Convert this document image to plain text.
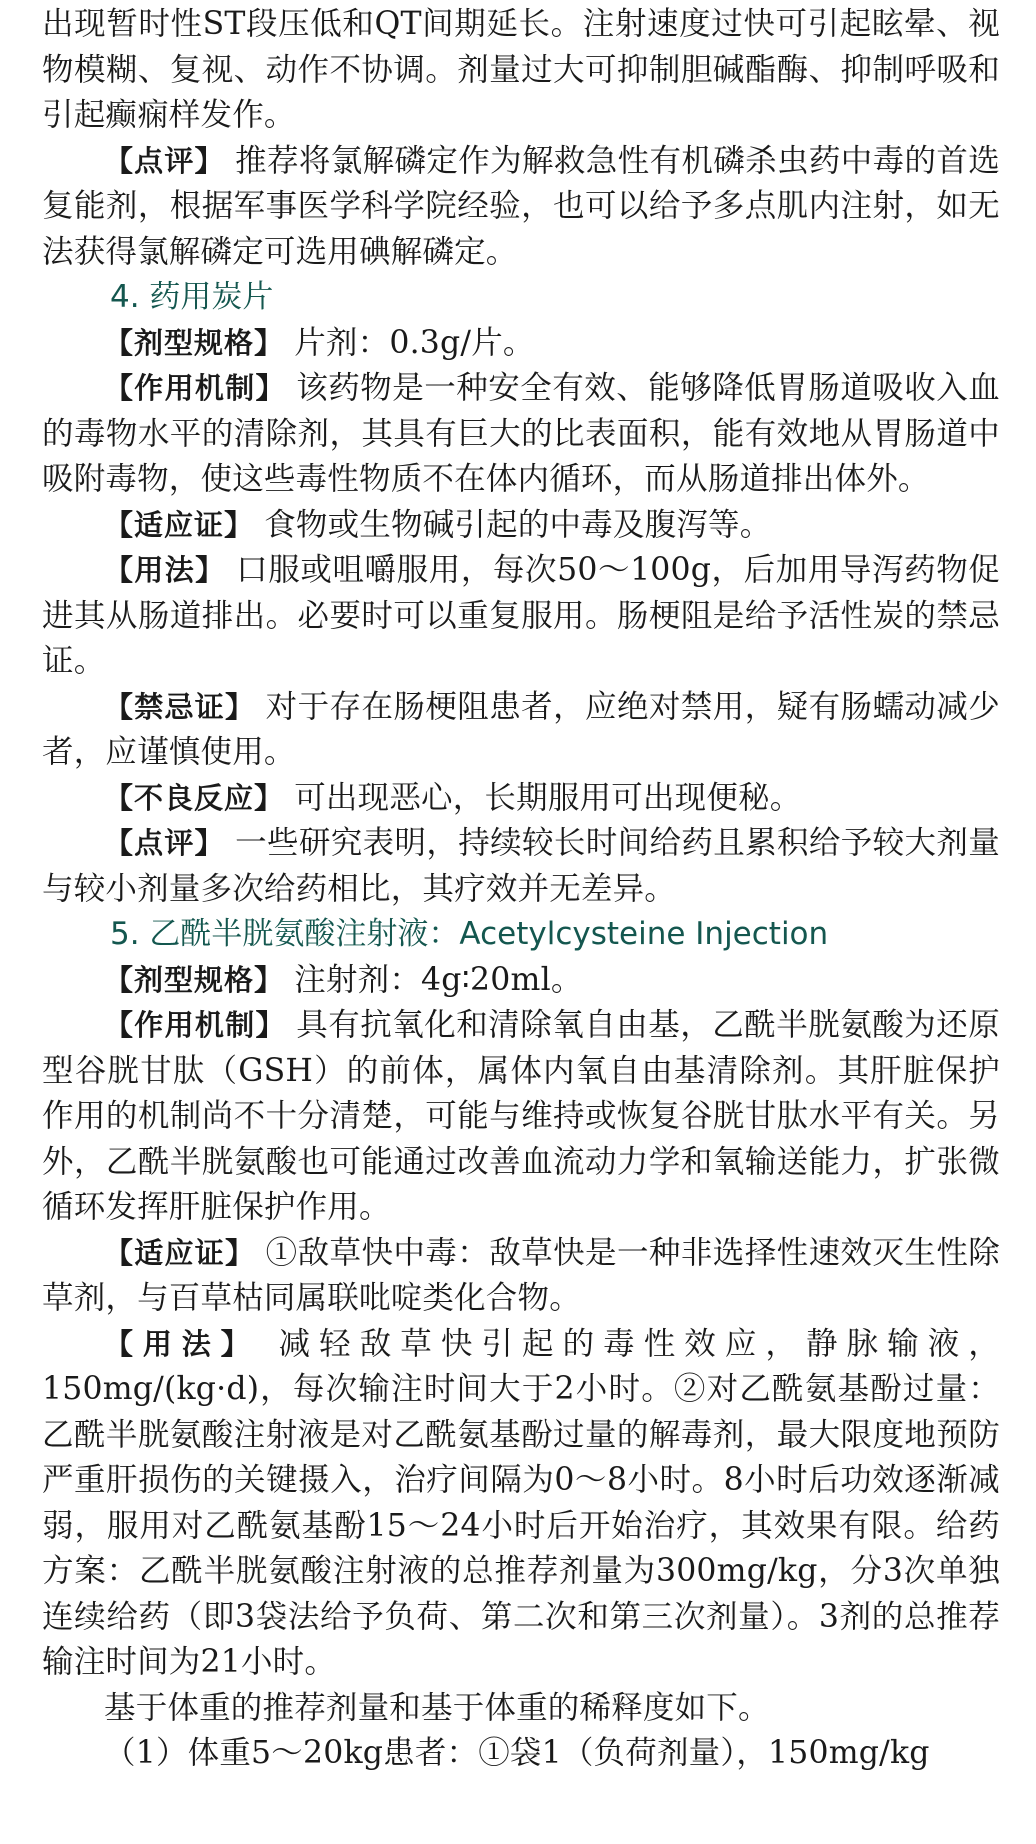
出现暂时性ST段压低和QT间期延长。注射速度过快可引起眩晕、视物模糊、复视、动作不协调。剂量过大可抑制胆碱酯酶、抑制呼吸和引起癫痫样发作。

【点评】 推荐将氯解磷定作为解救急性有机磷杀虫药中毒的首选复能剂，根据军事医学科学院经验，也可以给予多点肌内注射，如无法获得氯解磷定可选用碘解磷定。

4. 药用炭片

【剂型规格】 片剂：0.3g/片。

【作用机制】 该药物是一种安全有效、能够降低胃肠道吸收入血的毒物水平的清除剂，其具有巨大的比表面积，能有效地从胃肠道中吸附毒物，使这些毒性物质不在体内循环，而从肠道排出体外。

【适应证】 食物或生物碱引起的中毒及腹泻等。

【用法】 口服或咀嚼服用，每次50～100g，后加用导泻药物促进其从肠道排出。必要时可以重复服用。肠梗阻是给予活性炭的禁忌证。

【禁忌证】 对于存在肠梗阻患者，应绝对禁用，疑有肠蠕动减少者，应谨慎使用。

【不良反应】 可出现恶心，长期服用可出现便秘。

【点评】 一些研究表明，持续较长时间给药且累积给予较大剂量与较小剂量多次给药相比，其疗效并无差异。

5. 乙酰半胱氨酸注射液：Acetylcysteine Injection

【剂型规格】 注射剂：4g∶20ml。

【作用机制】 具有抗氧化和清除氧自由基，乙酰半胱氨酸为还原型谷胱甘肽（GSH）的前体，属体内氧自由基清除剂。其肝脏保护作用的机制尚不十分清楚，可能与维持或恢复谷胱甘肽水平有关。另外，乙酰半胱氨酸也可能通过改善血流动力学和氧输送能力，扩张微循环发挥肝脏保护作用。

【适应证】 ①敌草快中毒：敌草快是一种非选择性速效灭生性除草剂，与百草枯同属联吡啶类化合物。

【用法】 减轻敌草快引起的毒性效应，静脉输液，150mg/(kg·d)，每次输注时间大于2小时。②对乙酰氨基酚过量：乙酰半胱氨酸注射液是对乙酰氨基酚过量的解毒剂，最大限度地预防严重肝损伤的关键摄入，治疗间隔为0～8小时。8小时后功效逐渐减弱，服用对乙酰氨基酚15～24小时后开始治疗，其效果有限。给药方案：乙酰半胱氨酸注射液的总推荐剂量为300mg/kg，分3次单独连续给药（即3袋法给予负荷、第二次和第三次剂量）。3剂的总推荐输注时间为21小时。

基于体重的推荐剂量和基于体重的稀释度如下。

（1）体重5～20kg患者：①袋1（负荷剂量），150mg/kg
